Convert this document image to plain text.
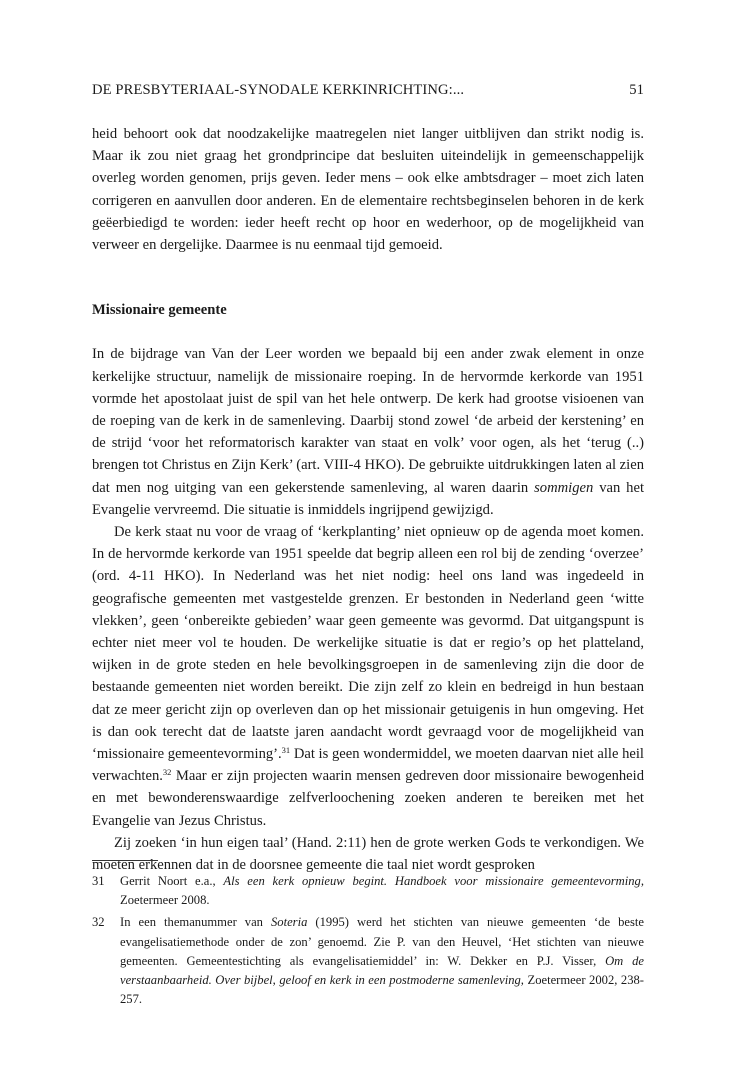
DE PRESBYTERIAAL-SYNODALE KERKINRICHTING:...	51

heid behoort ook dat noodzakelijke maatregelen niet langer uitblijven dan strikt nodig is. Maar ik zou niet graag het grondprincipe dat besluiten uiteindelijk in gemeenschappelijk overleg worden genomen, prijs geven. Ieder mens – ook elke ambtsdrager – moet zich laten corrigeren en aanvullen door anderen. En de elementaire rechtsbeginselen behoren in de kerk geëerbiedigd te worden: ieder heeft recht op hoor en wederhoor, op de mogelijkheid van verweer en dergelijke. Daarmee is nu eenmaal tijd gemoeid.

Missionaire gemeente

In de bijdrage van Van der Leer worden we bepaald bij een ander zwak element in onze kerkelijke structuur, namelijk de missionaire roeping. In de hervormde kerkorde van 1951 vormde het apostolaat juist de spil van het hele ontwerp. De kerk had grootse visioenen van de roeping van de kerk in de samenleving. Daarbij stond zowel ‘de arbeid der kerstening’ en de strijd ‘voor het reformatorisch karakter van staat en volk’ voor ogen, als het ‘terug (..) brengen tot Christus en Zijn Kerk’ (art. VIII-4 HKO). De gebruikte uitdrukkingen laten al zien dat men nog uitging van een gekerstende samenleving, al waren daarin sommigen van het Evangelie vervreemd. Die situatie is inmiddels ingrijpend gewijzigd.

De kerk staat nu voor de vraag of ‘kerkplanting’ niet opnieuw op de agenda moet komen. In de hervormde kerkorde van 1951 speelde dat begrip alleen een rol bij de zending ‘overzee’ (ord. 4-11 HKO). In Nederland was het niet nodig: heel ons land was ingedeeld in geografische gemeenten met vastgestelde grenzen. Er bestonden in Nederland geen ‘witte vlekken’, geen ‘onbereikte gebieden’ waar geen gemeente was gevormd. Dat uitgangspunt is echter niet meer vol te houden. De werkelijke situatie is dat er regio’s op het platteland, wijken in de grote steden en hele bevolkingsgroepen in de samenleving zijn die door de bestaande gemeenten niet worden bereikt. Die zijn zelf zo klein en bedreigd in hun bestaan dat ze meer gericht zijn op overleven dan op het missionair getuigenis in hun omgeving. Het is dan ook terecht dat de laatste jaren aandacht wordt gevraagd voor de mogelijkheid van ‘missionaire gemeentevorming’.$^{31}$ Dat is geen wondermiddel, we moeten daarvan niet alle heil verwachten.$^{32}$ Maar er zijn projecten waarin mensen gedreven door missionaire bewogenheid en met bewonderenswaardige zelfverloochening zoeken anderen te bereiken met het Evangelie van Jezus Christus.

Zij zoeken ‘in hun eigen taal’ (Hand. 2:11) hen de grote werken Gods te verkondigen. We moeten erkennen dat in de doorsnee gemeente die taal niet wordt gesproken

31	Gerrit Noort e.a., Als een kerk opnieuw begint. Handboek voor missionaire gemeentevorming, Zoetermeer 2008.
32	In een themanummer van Soteria (1995) werd het stichten van nieuwe gemeenten ‘de beste evangelisatiemethode onder de zon’ genoemd. Zie P. van den Heuvel, ‘Het stichten van nieuwe gemeenten. Gemeentestichting als evangelisatiemiddel’ in: W. Dekker en P.J. Visser, Om de verstaanbaarheid. Over bijbel, geloof en kerk in een postmoderne samenleving, Zoetermeer 2002, 238-257.
